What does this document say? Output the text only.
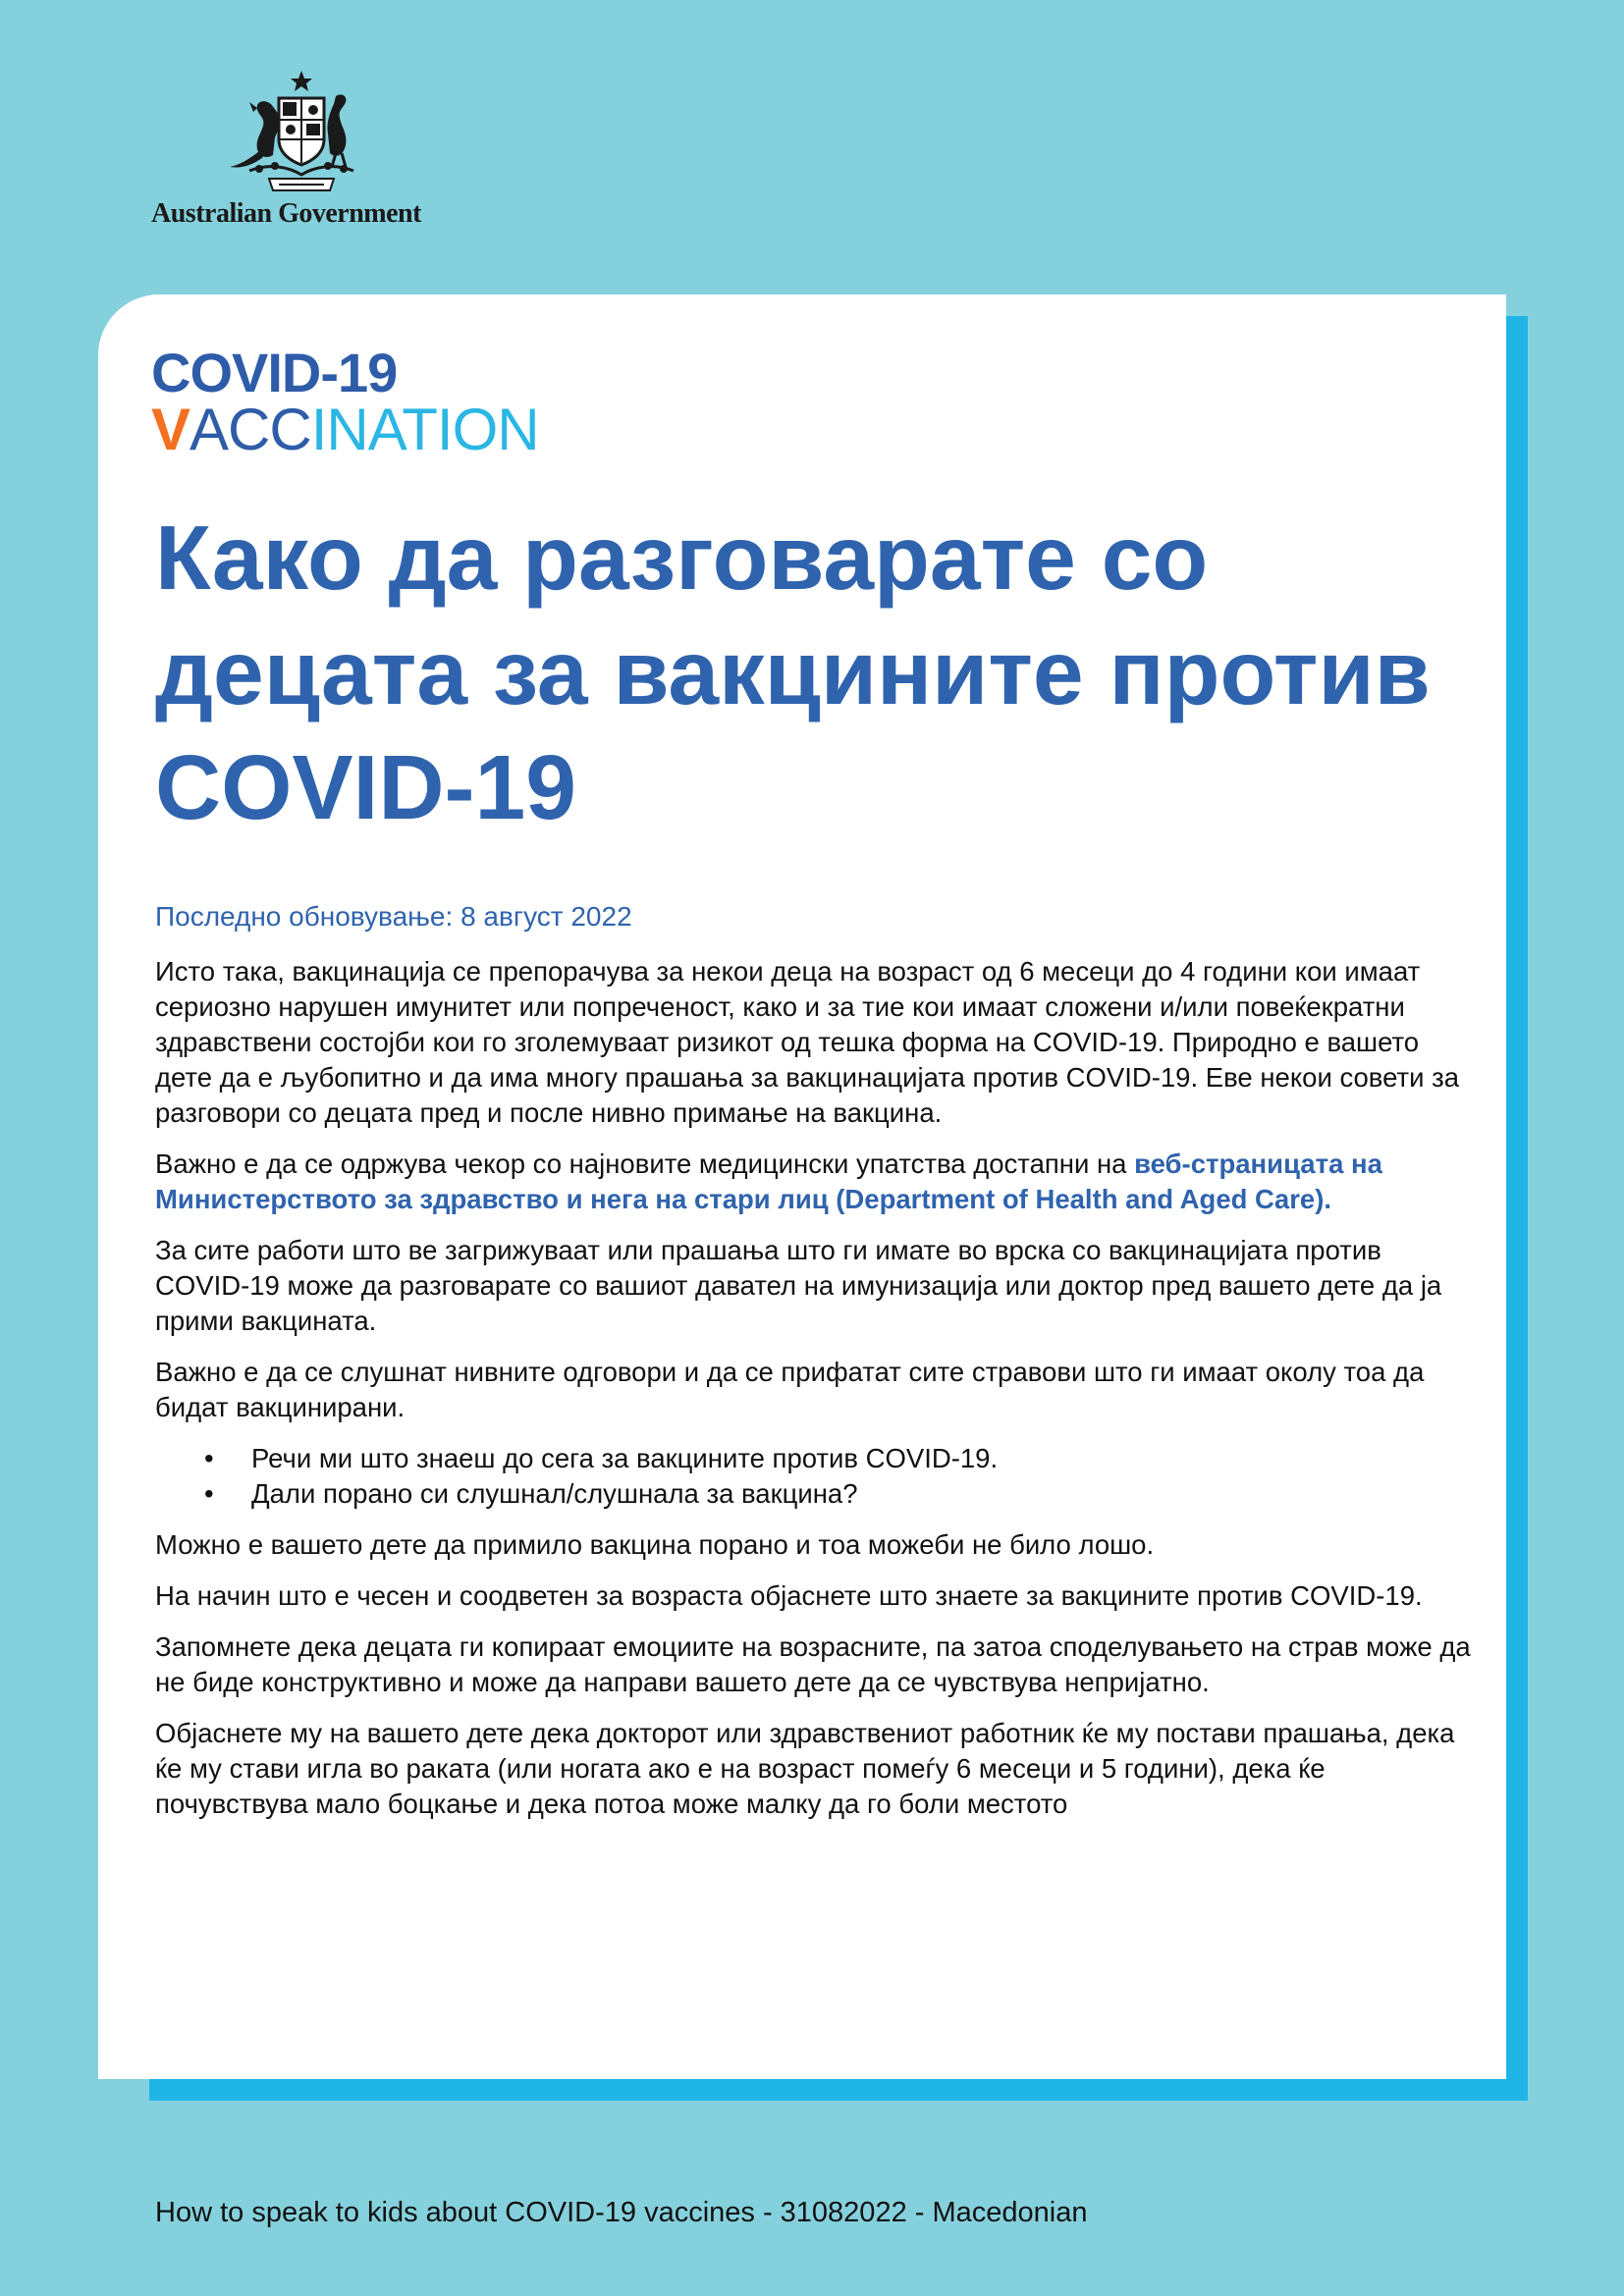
Australian Government
COVID-19
VACCINATION
Како да разговарате со децата за вакцините против COVID-19

Последно обновување: 8 август 2022

Исто така, вакцинација се препорачува за некои деца на возраст од 6 месеци до 4 години кои имаат сериозно нарушен имунитет или попреченост, како и за тие кои имаат сложени и/или повеќекратни здравствени состојби кои го зголемуваат ризикот од тешка форма на COVID-19. Природно е вашето дете да е љубопитно и да има многу прашања за вакцинацијата против COVID-19. Еве некои совети за разговори со децата пред и после нивно примање на вакцина.

Важно е да се одржува чекор со најновите медицински упатства достапни на веб-страницата на Министерството за здравство и нега на стари лиц (Department of Health and Aged Care).

За сите работи што ве загрижуваат или прашања што ги имате во врска со вакцинацијата против COVID-19 може да разговарате со вашиот давател на имунизација или доктор пред вашето дете да ја прими вакцината.

Важно е да се слушнат нивните одговори и да се прифатат сите стравови што ги имаат околу тоа да бидат вакцинирани.

• Речи ми што знаеш до сега за вакцините против COVID-19.
• Дали порано си слушнал/слушнала за вакцина?

Можно е вашето дете да примило вакцина порано и тоа можеби не било лошо.

На начин што е чесен и соодветен за возраста објаснете што знаете за вакцините против COVID-19.

Запомнете дека децата ги копираат емоциите на возрасните, па затоа споделувањето на страв може да не биде конструктивно и може да направи вашето дете да се чувствува непријатно.

Објаснете му на вашето дете дека докторот или здравствениот работник ќе му постави прашања, дека ќе му стави игла во раката (или ногата ако е на возраст помеѓу 6 месеци и 5 години), дека ќе почувствува мало боцкање и дека потоа може малку да го боли местото

How to speak to kids about COVID-19 vaccines - 31082022 - Macedonian
